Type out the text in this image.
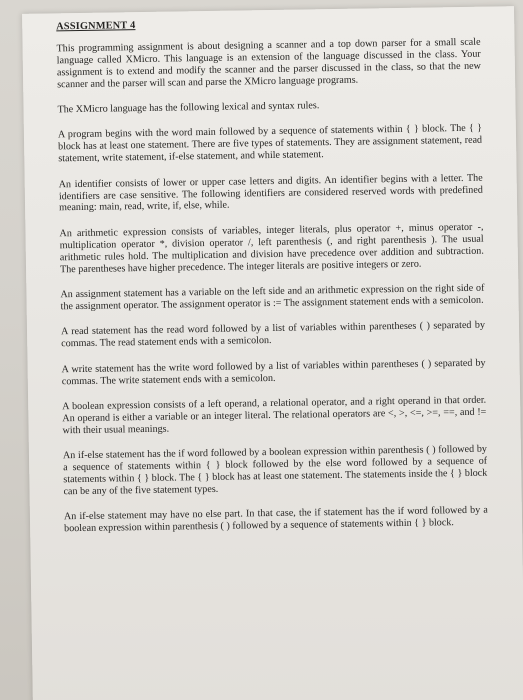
ASSIGNMENT 4

This programming assignment is about designing a scanner and a top down parser for a small scale language called XMicro. This language is an extension of the language discussed in the class. Your assignment is to extend and modify the scanner and the parser discussed in the class, so that the new scanner and the parser will scan and parse the XMicro language programs.

The XMicro language has the following lexical and syntax rules.

A program begins with the word main followed by a sequence of statements within { } block. The { } block has at least one statement. There are five types of statements. They are assignment statement, read statement, write statement, if-else statement, and while statement.

An identifier consists of lower or upper case letters and digits. An identifier begins with a letter. The identifiers are case sensitive. The following identifiers are considered reserved words with predefined meaning: main, read, write, if, else, while.

An arithmetic expression consists of variables, integer literals, plus operator +, minus operator -, multiplication operator *, division operator /, left parenthesis (, and right parenthesis ). The usual arithmetic rules hold. The multiplication and division have precedence over addition and subtraction. The parentheses have higher precedence. The integer literals are positive integers or zero.

An assignment statement has a variable on the left side and an arithmetic expression on the right side of the assignment operator. The assignment operator is := The assignment statement ends with a semicolon.

A read statement has the read word followed by a list of variables within parentheses ( ) separated by commas. The read statement ends with a semicolon.

A write statement has the write word followed by a list of variables within parentheses ( ) separated by commas. The write statement ends with a semicolon.

A boolean expression consists of a left operand, a relational operator, and a right operand in that order. An operand is either a variable or an integer literal. The relational operators are <, >, <=, >=, ==, and != with their usual meanings.

An if-else statement has the if word followed by a boolean expression within parenthesis ( ) followed by a sequence of statements within { } block followed by the else word followed by a sequence of statements within { } block. The { } block has at least one statement. The statements inside the { } block can be any of the five statement types.

An if-else statement may have no else part. In that case, the if statement has the if word followed by a boolean expression within parenthesis ( ) followed by a sequence of statements within { } block.
